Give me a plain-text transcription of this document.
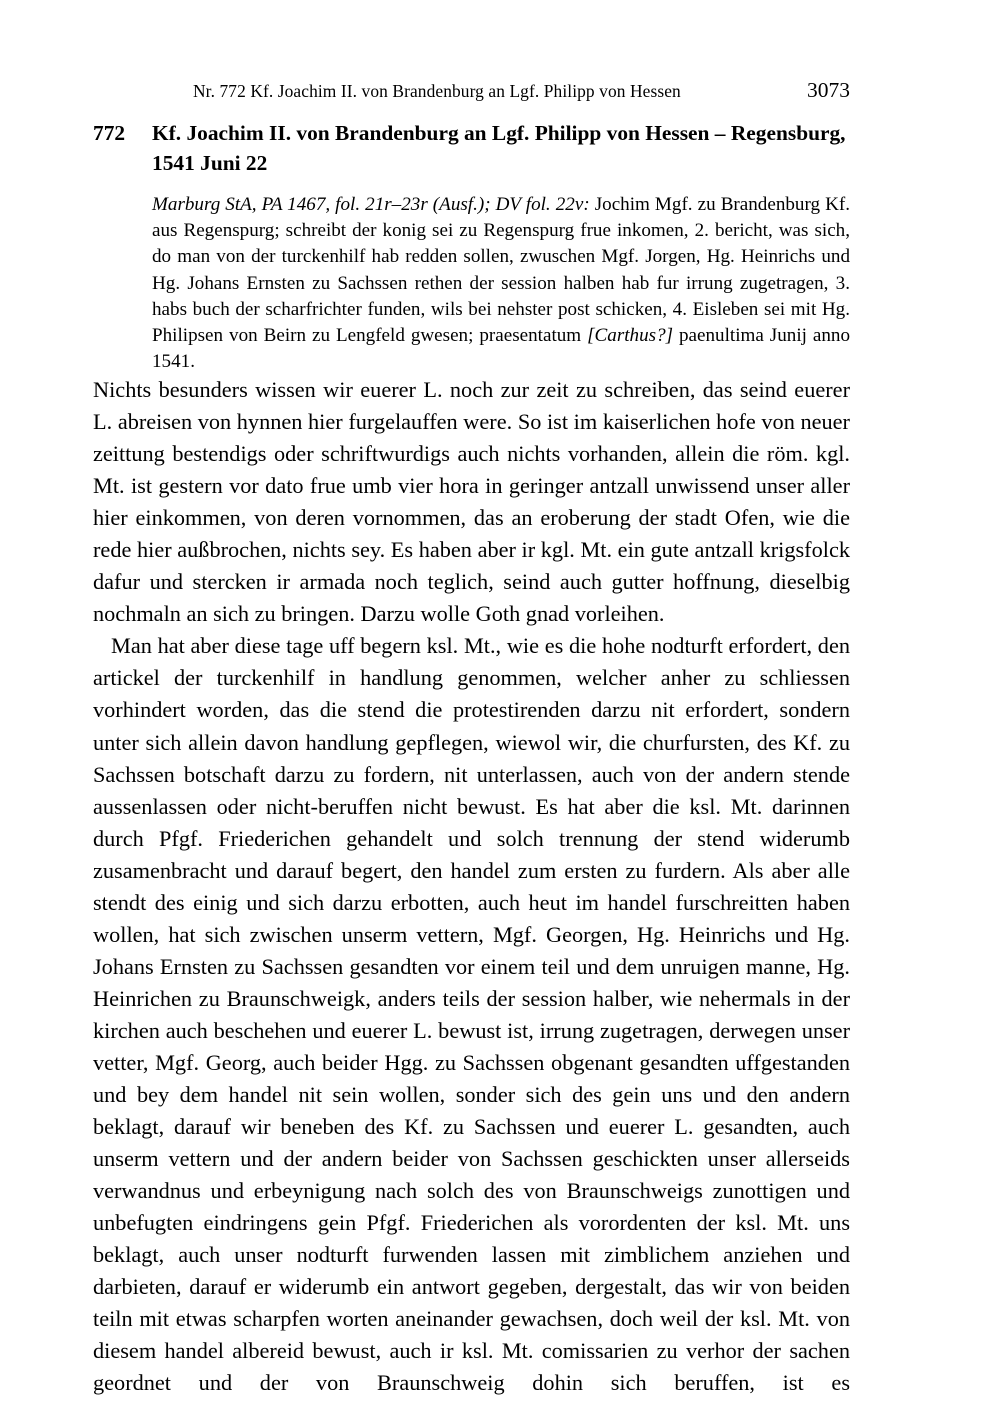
Nr. 772 Kf. Joachim II. von Brandenburg an Lgf. Philipp von Hessen	3073
772	Kf. Joachim II. von Brandenburg an Lgf. Philipp von Hessen – Regensburg, 1541 Juni 22
Marburg StA, PA 1467, fol. 21r–23r (Ausf.); DV fol. 22v: Jochim Mgf. zu Brandenburg Kf. aus Regenspurg; schreibt der konig sei zu Regenspurg frue inkomen, 2. bericht, was sich, do man von der turckenhilf hab redden sollen, zwuschen Mgf. Jorgen, Hg. Heinrichs und Hg. Johans Ernsten zu Sachssen rethen der session halben hab fur irrung zugetragen, 3. habs buch der scharfrichter funden, wils bei nehster post schicken, 4. Eisleben sei mit Hg. Philipsen von Beirn zu Lengfeld gwesen; praesentatum [Carthus?] paenultima Junij anno 1541.

Nichts besunders wissen wir euerer L. noch zur zeit zu schreiben, das seind euerer L. abreisen von hynnen hier furgelauffen were. So ist im kaiserlichen hofe von neuer zeittung bestendigs oder schriftwurdigs auch nichts vorhanden, allein die röm. kgl. Mt. ist gestern vor dato frue umb vier hora in geringer antzall unwissend unser aller hier einkommen, von deren vornommen, das an eroberung der stadt Ofen, wie die rede hier außbrochen, nichts sey. Es haben aber ir kgl. Mt. ein gute antzall krigsfolck dafur und stercken ir armada noch teglich, seind auch gutter hoffnung, dieselbig nochmaln an sich zu bringen. Darzu wolle Goth gnad vorleihen.

Man hat aber diese tage uff begern ksl. Mt., wie es die hohe nodturft erfordert, den artickel der turckenhilf in handlung genommen, welcher anher zu schliessen vorhindert worden, das die stend die protestirenden darzu nit erfordert, sondern unter sich allein davon handlung gepflegen, wiewol wir, die churfursten, des Kf. zu Sachssen botschaft darzu zu fordern, nit unterlassen, auch von der andern stende aussenlassen oder nicht-beruffen nicht bewust. Es hat aber die ksl. Mt. darinnen durch Pfgf. Friederichen gehandelt und solch trennung der stend widerumb zusamenbracht und darauf begert, den handel zum ersten zu furdern. Als aber alle stendt des einig und sich darzu erbotten, auch heut im handel furschreitten haben wollen, hat sich zwischen unserm vettern, Mgf. Georgen, Hg. Heinrichs und Hg. Johans Ernsten zu Sachssen gesandten vor einem teil und dem unruigen manne, Hg. Heinrichen zu Braunschweigk, anders teils der session halber, wie nehermals in der kirchen auch beschehen und euerer L. bewust ist, irrung zugetragen, derwegen unser vetter, Mgf. Georg, auch beider Hgg. zu Sachssen obgenant gesandten uffgestanden und bey dem handel nit sein wollen, sonder sich des gein uns und den andern beklagt, darauf wir beneben des Kf. zu Sachssen und euerer L. gesandten, auch unserm vettern und der andern beider von Sachssen geschickten unser allerseids verwandnus und erbeynigung nach solch des von Braunschweigs zunottigen und unbefugten eindringens gein Pfgf. Friederichen als vorordenten der ksl. Mt. uns beklagt, auch unser nodturft furwenden lassen mit zimblichem anziehen und darbieten, darauf er widerumb ein antwort gegeben, dergestalt, das wir von beiden teiln mit etwas scharpfen worten aneinander gewachsen, doch weil der ksl. Mt. von diesem handel albereid bewust, auch ir ksl. Mt. comissarien zu verhor der sachen geordnet und der von Braunschweig dohin sich beruffen, ist es
